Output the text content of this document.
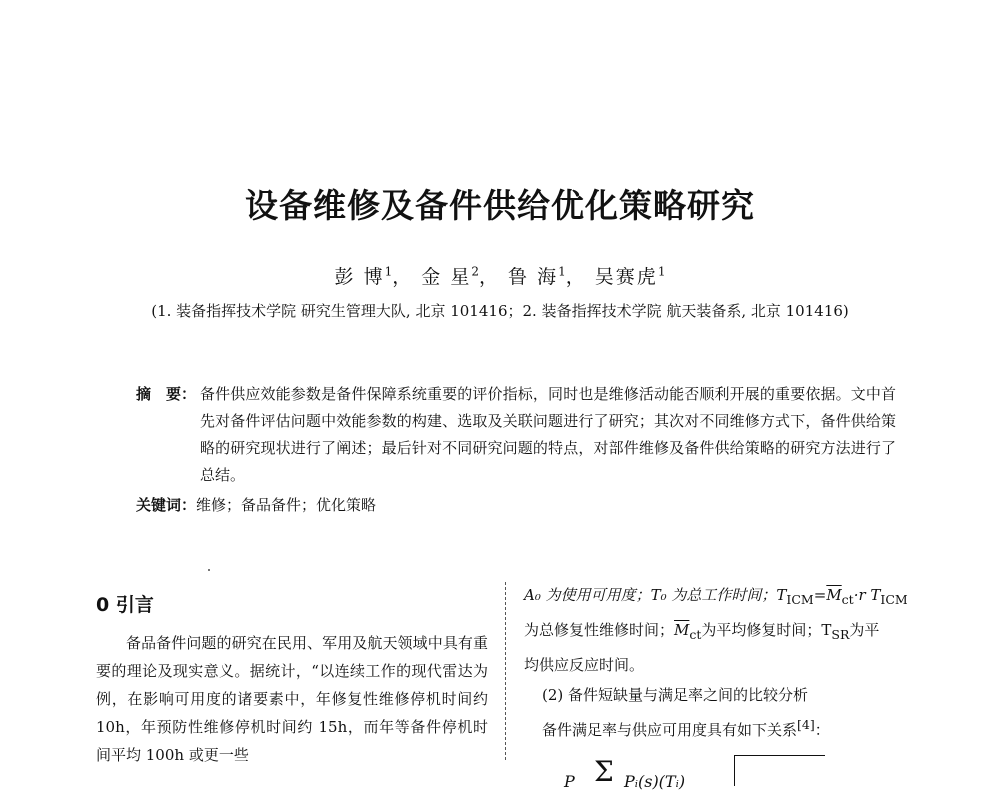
设备维修及备件供给优化策略研究
彭 博$^1$， 金 星$^2$， 鲁 海$^1$， 吴赛虎$^1$
(1. 装备指挥技术学院 研究生管理大队, 北京 101416；2. 装备指挥技术学院 航天装备系, 北京 101416)
摘　要： 备件供应效能参数是备件保障系统重要的评价指标，同时也是维修活动能否顺利开展的重要依据。文中首先对备件评估问题中效能参数的构建、选取及关联问题进行了研究；其次对不同维修方式下，备件供给策略的研究现状进行了阐述；最后针对不同研究问题的特点，对部件维修及备件供给策略的研究方法进行了总结。
关键词：维修；备品备件；优化策略
0 引言

备品备件问题的研究在民用、军用及航天领域中具有重要的理论及现实意义。据统计，“以连续工作的现代雷达为例，在影响可用度的诸要素中，年修复性维修停机时间约 10h，年预防性维修停机时间约 15h，而年等备件停机时间平均 100h 或更一些

A₀ 为使用可用度；T₀ 为总工作时间；$T_{ICM}=\overline{M}_{ct}\cdot r$ $T_{ICM}$

为总修复性维修时间；$\overline{M}_{ct}$为平均修复时间；$T_{SR}$为平

均供应反应时间。

(2) 备件短缺量与满足率之间的比较分析

备件满足率与供应可用度具有如下关系[4]：

P Σ Pᵢ(s)(Tᵢ)
